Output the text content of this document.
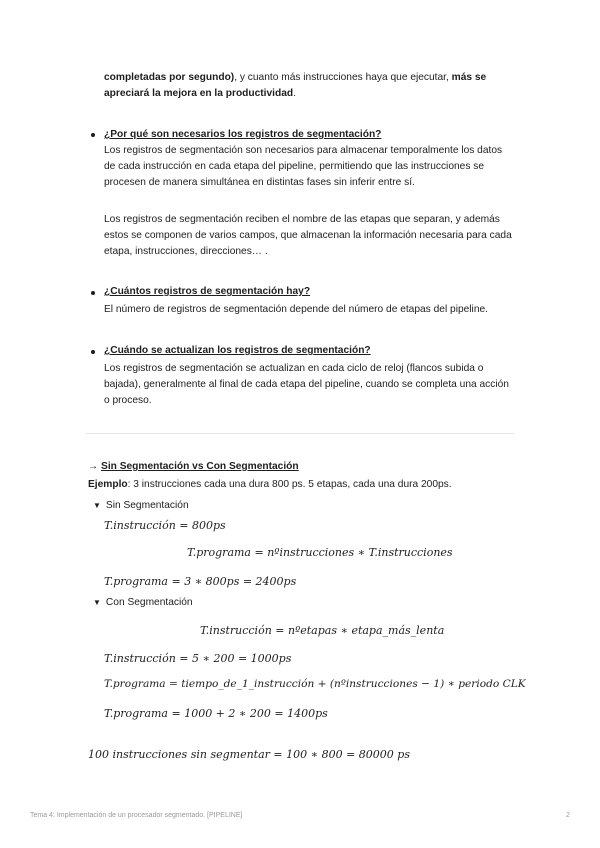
completadas por segundo), y cuanto más instrucciones haya que ejecutar, más se
apreciará la mejora en la productividad.
¿Por qué son necesarios los registros de segmentación?
Los registros de segmentación son necesarios para almacenar temporalmente los datos
de cada instrucción en cada etapa del pipeline, permitiendo que las instrucciones se
procesen de manera simultánea en distintas fases sin inferir entre sí.
Los registros de segmentación reciben el nombre de las etapas que separan, y además
estos se componen de varios campos, que almacenan la información necesaria para cada
etapa, instrucciones, direcciones… .
¿Cuántos registros de segmentación hay?
El número de registros de segmentación depende del número de etapas del pipeline.
¿Cuándo se actualizan los registros de segmentación?
Los registros de segmentación se actualizan en cada ciclo de reloj (flancos subida o
bajada), generalmente al final de cada etapa del pipeline, cuando se completa una acción
o proceso.
→ Sin Segmentación vs Con Segmentación
Ejemplo: 3 instrucciones cada una dura 800 ps. 5 etapas, cada una dura 200ps.
▼ Sin Segmentación
T.instrucción = 800ps
T.programa = nºinstrucciones ∗ T.instrucciones
T.programa = 3 ∗ 800ps = 2400ps
▼ Con Segmentación
T.instrucción = nºetapas ∗ etapa_más_lenta
T.instrucción = 5 ∗ 200 = 1000ps
T.programa = tiempo_de_1_instrucción + (nºinstrucciones − 1) ∗ periodo CLK
T.programa = 1000 + 2 ∗ 200 = 1400ps
100 instrucciones sin segmentar = 100 ∗ 800 = 80000 ps
Tema 4: Implementación de un procesador segmentado. [PIPELINE]	2
